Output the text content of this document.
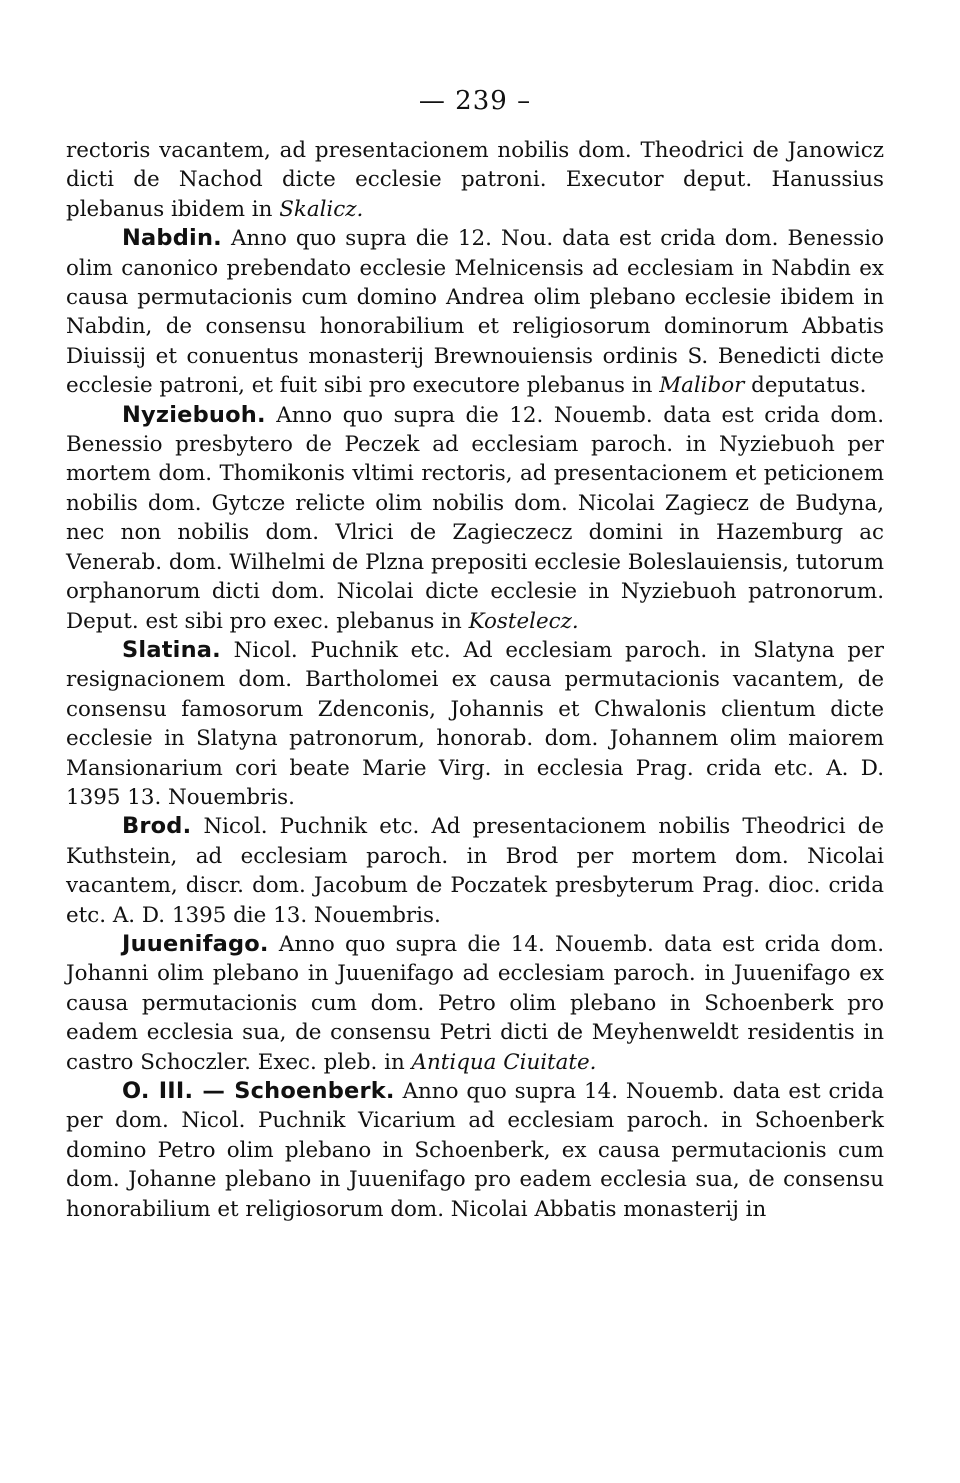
— 239 –

rectoris vacantem, ad presentacionem nobilis dom. Theodrici de Janowicz dicti de Nachod dicte ecclesie patroni. Executor deput. Hanussius plebanus ibidem in Skalicz.

Nabdin. Anno quo supra die 12. Nou. data est crida dom. Benessio olim canonico prebendato ecclesie Melnicensis ad ecclesiam in Nabdin ex causa permutacionis cum domino Andrea olim plebano ecclesie ibidem in Nabdin, de consensu honorabilium et religiosorum dominorum Abbatis Diuissij et conuentus monasterij Brewnouiensis ordinis S. Benedicti dicte ecclesie patroni, et fuit sibi pro executore plebanus in Malibor deputatus.

Nyziebuoh. Anno quo supra die 12. Nouemb. data est crida dom. Benessio presbytero de Peczek ad ecclesiam paroch. in Nyziebuoh per mortem dom. Thomikonis vltimi rectoris, ad presentacionem et peticionem nobilis dom. Gytcze relicte olim nobilis dom. Nicolai Zagiecz de Budyna, nec non nobilis dom. Vlrici de Zagieczecz domini in Hazemburg ac Venerab. dom. Wilhelmi de Plzna prepositi ecclesie Boleslauiensis, tutorum orphanorum dicti dom. Nicolai dicte ecclesie in Nyziebuoh patronorum. Deput. est sibi pro exec. plebanus in Kostelecz.

Slatina. Nicol. Puchnik etc. Ad ecclesiam paroch. in Slatyna per resignacionem dom. Bartholomei ex causa permutacionis vacantem, de consensu famosorum Zdenconis, Johannis et Chwalonis clientum dicte ecclesie in Slatyna patronorum, honorab. dom. Johannem olim maiorem Mansionarium cori beate Marie Virg. in ecclesia Prag. crida etc. A. D. 1395 13. Nouembris.

Brod. Nicol. Puchnik etc. Ad presentacionem nobilis Theodrici de Kuthstein, ad ecclesiam paroch. in Brod per mortem dom. Nicolai vacantem, discr. dom. Jacobum de Poczatek presbyterum Prag. dioc. crida etc. A. D. 1395 die 13. Nouembris.

Juuenifago. Anno quo supra die 14. Nouemb. data est crida dom. Johanni olim plebano in Juuenifago ad ecclesiam paroch. in Juuenifago ex causa permutacionis cum dom. Petro olim plebano in Schoenberk pro eadem ecclesia sua, de consensu Petri dicti de Meyhenweldt residentis in castro Schoczler. Exec. pleb. in Antiqua Ciuitate.

O. III. — Schoenberk. Anno quo supra 14. Nouemb. data est crida per dom. Nicol. Puchnik Vicarium ad ecclesiam paroch. in Schoenberk domino Petro olim plebano in Schoenberk, ex causa permutacionis cum dom. Johanne plebano in Juuenifago pro eadem ecclesia sua, de consensu honorabilium et religiosorum dom. Nicolai Abbatis monasterij in
